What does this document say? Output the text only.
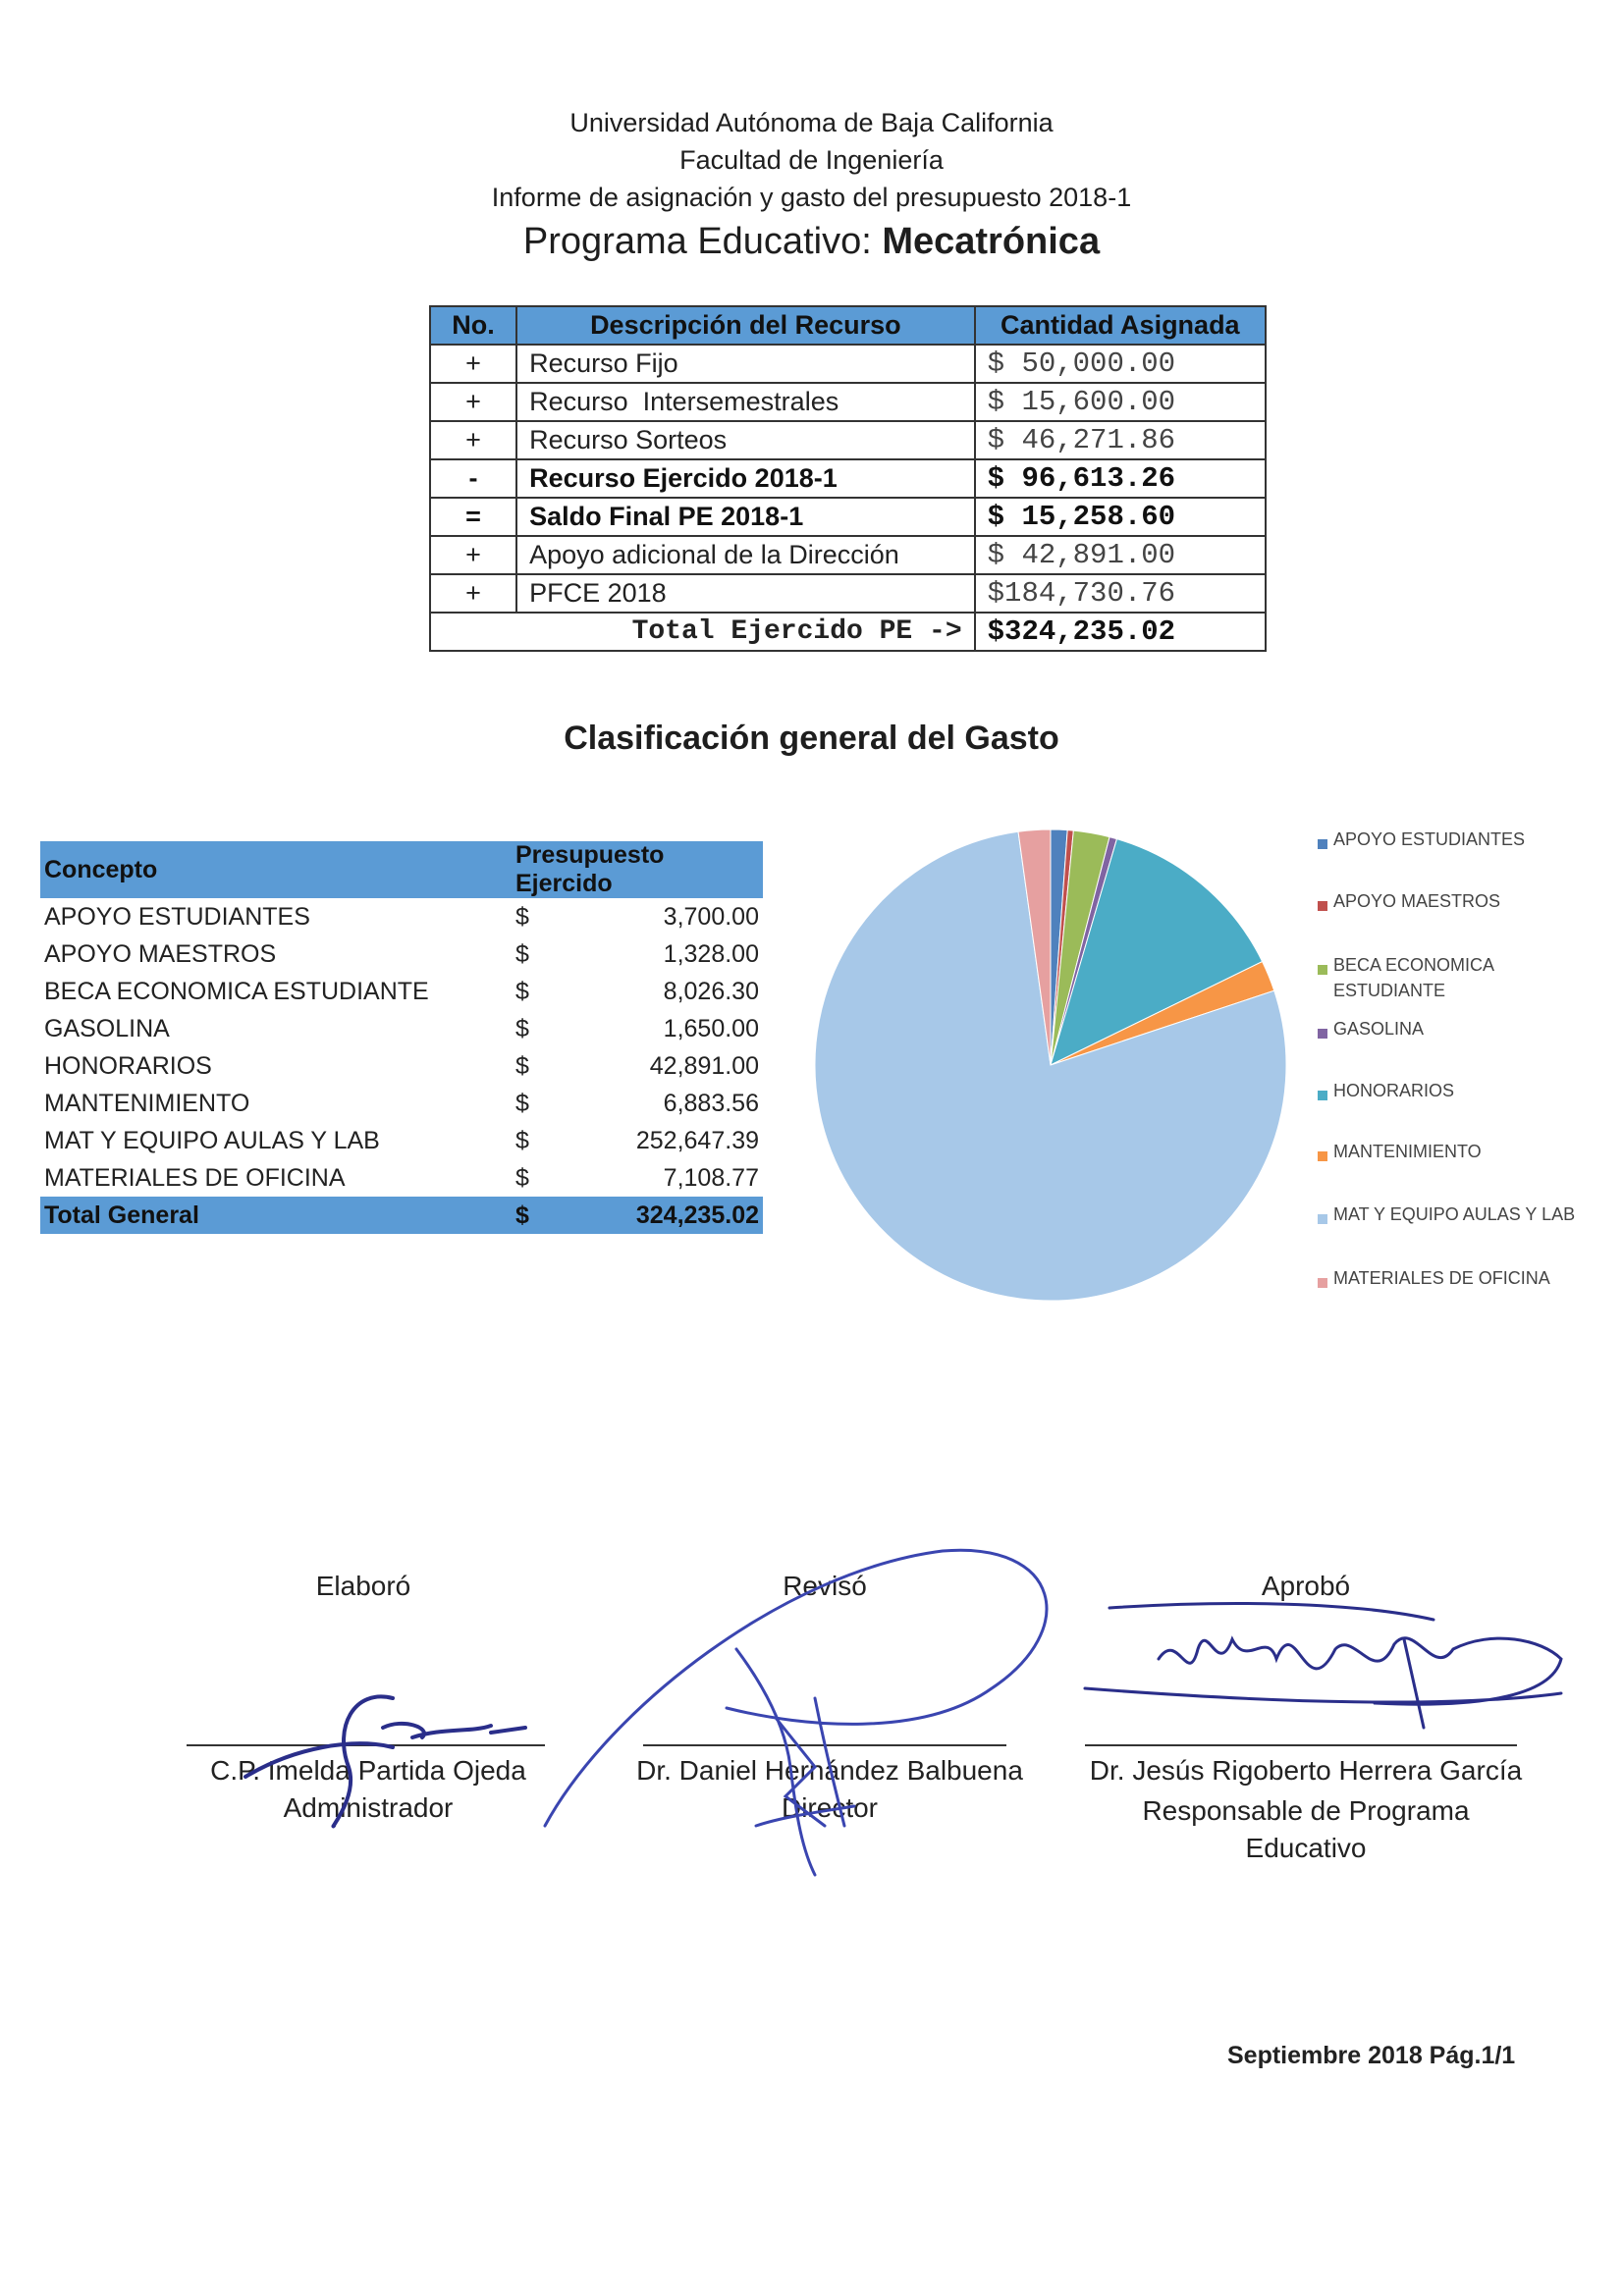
Universidad Autónoma de Baja California
Facultad de Ingeniería
Informe de asignación y gasto del presupuesto 2018-1
Programa Educativo: Mecatrónica
No.	Descripción del Recurso	Cantidad Asignada
+	Recurso Fijo	$ 50,000.00
+	Recurso  Intersemestrales	$ 15,600.00
+	Recurso Sorteos	$ 46,271.86
-	Recurso Ejercido 2018-1	$ 96,613.26
=	Saldo Final PE 2018-1	$ 15,258.60
+	Apoyo adicional de la Dirección	$ 42,891.00
+	PFCE 2018	$184,730.76
Total Ejercido PE ->		$324,235.02
Clasificación general del Gasto
Concepto	Presupuesto Ejercido	
APOYO ESTUDIANTES	$	3,700.00
APOYO MAESTROS	$	1,328.00
BECA ECONOMICA ESTUDIANTE	$	8,026.30
GASOLINA	$	1,650.00
HONORARIOS	$	42,891.00
MANTENIMIENTO	$	6,883.56
MAT Y EQUIPO AULAS Y LAB	$	252,647.39
MATERIALES DE OFICINA	$	7,108.77
Total General	$	324,235.02
APOYO ESTUDIANTES
APOYO MAESTROS
BECA ECONOMICA
ESTUDIANTE
GASOLINA
HONORARIOS
MANTENIMIENTO
MAT Y EQUIPO AULAS Y LAB
MATERIALES DE OFICINA
Elaboró	Revisó	Aprobó
C.P. Imelda Partida Ojeda
Administrador
Dr. Daniel Hernández Balbuena
Director
Dr. Jesús Rigoberto Herrera García
Responsable de Programa Educativo
Septiembre 2018 Pág.1/1
